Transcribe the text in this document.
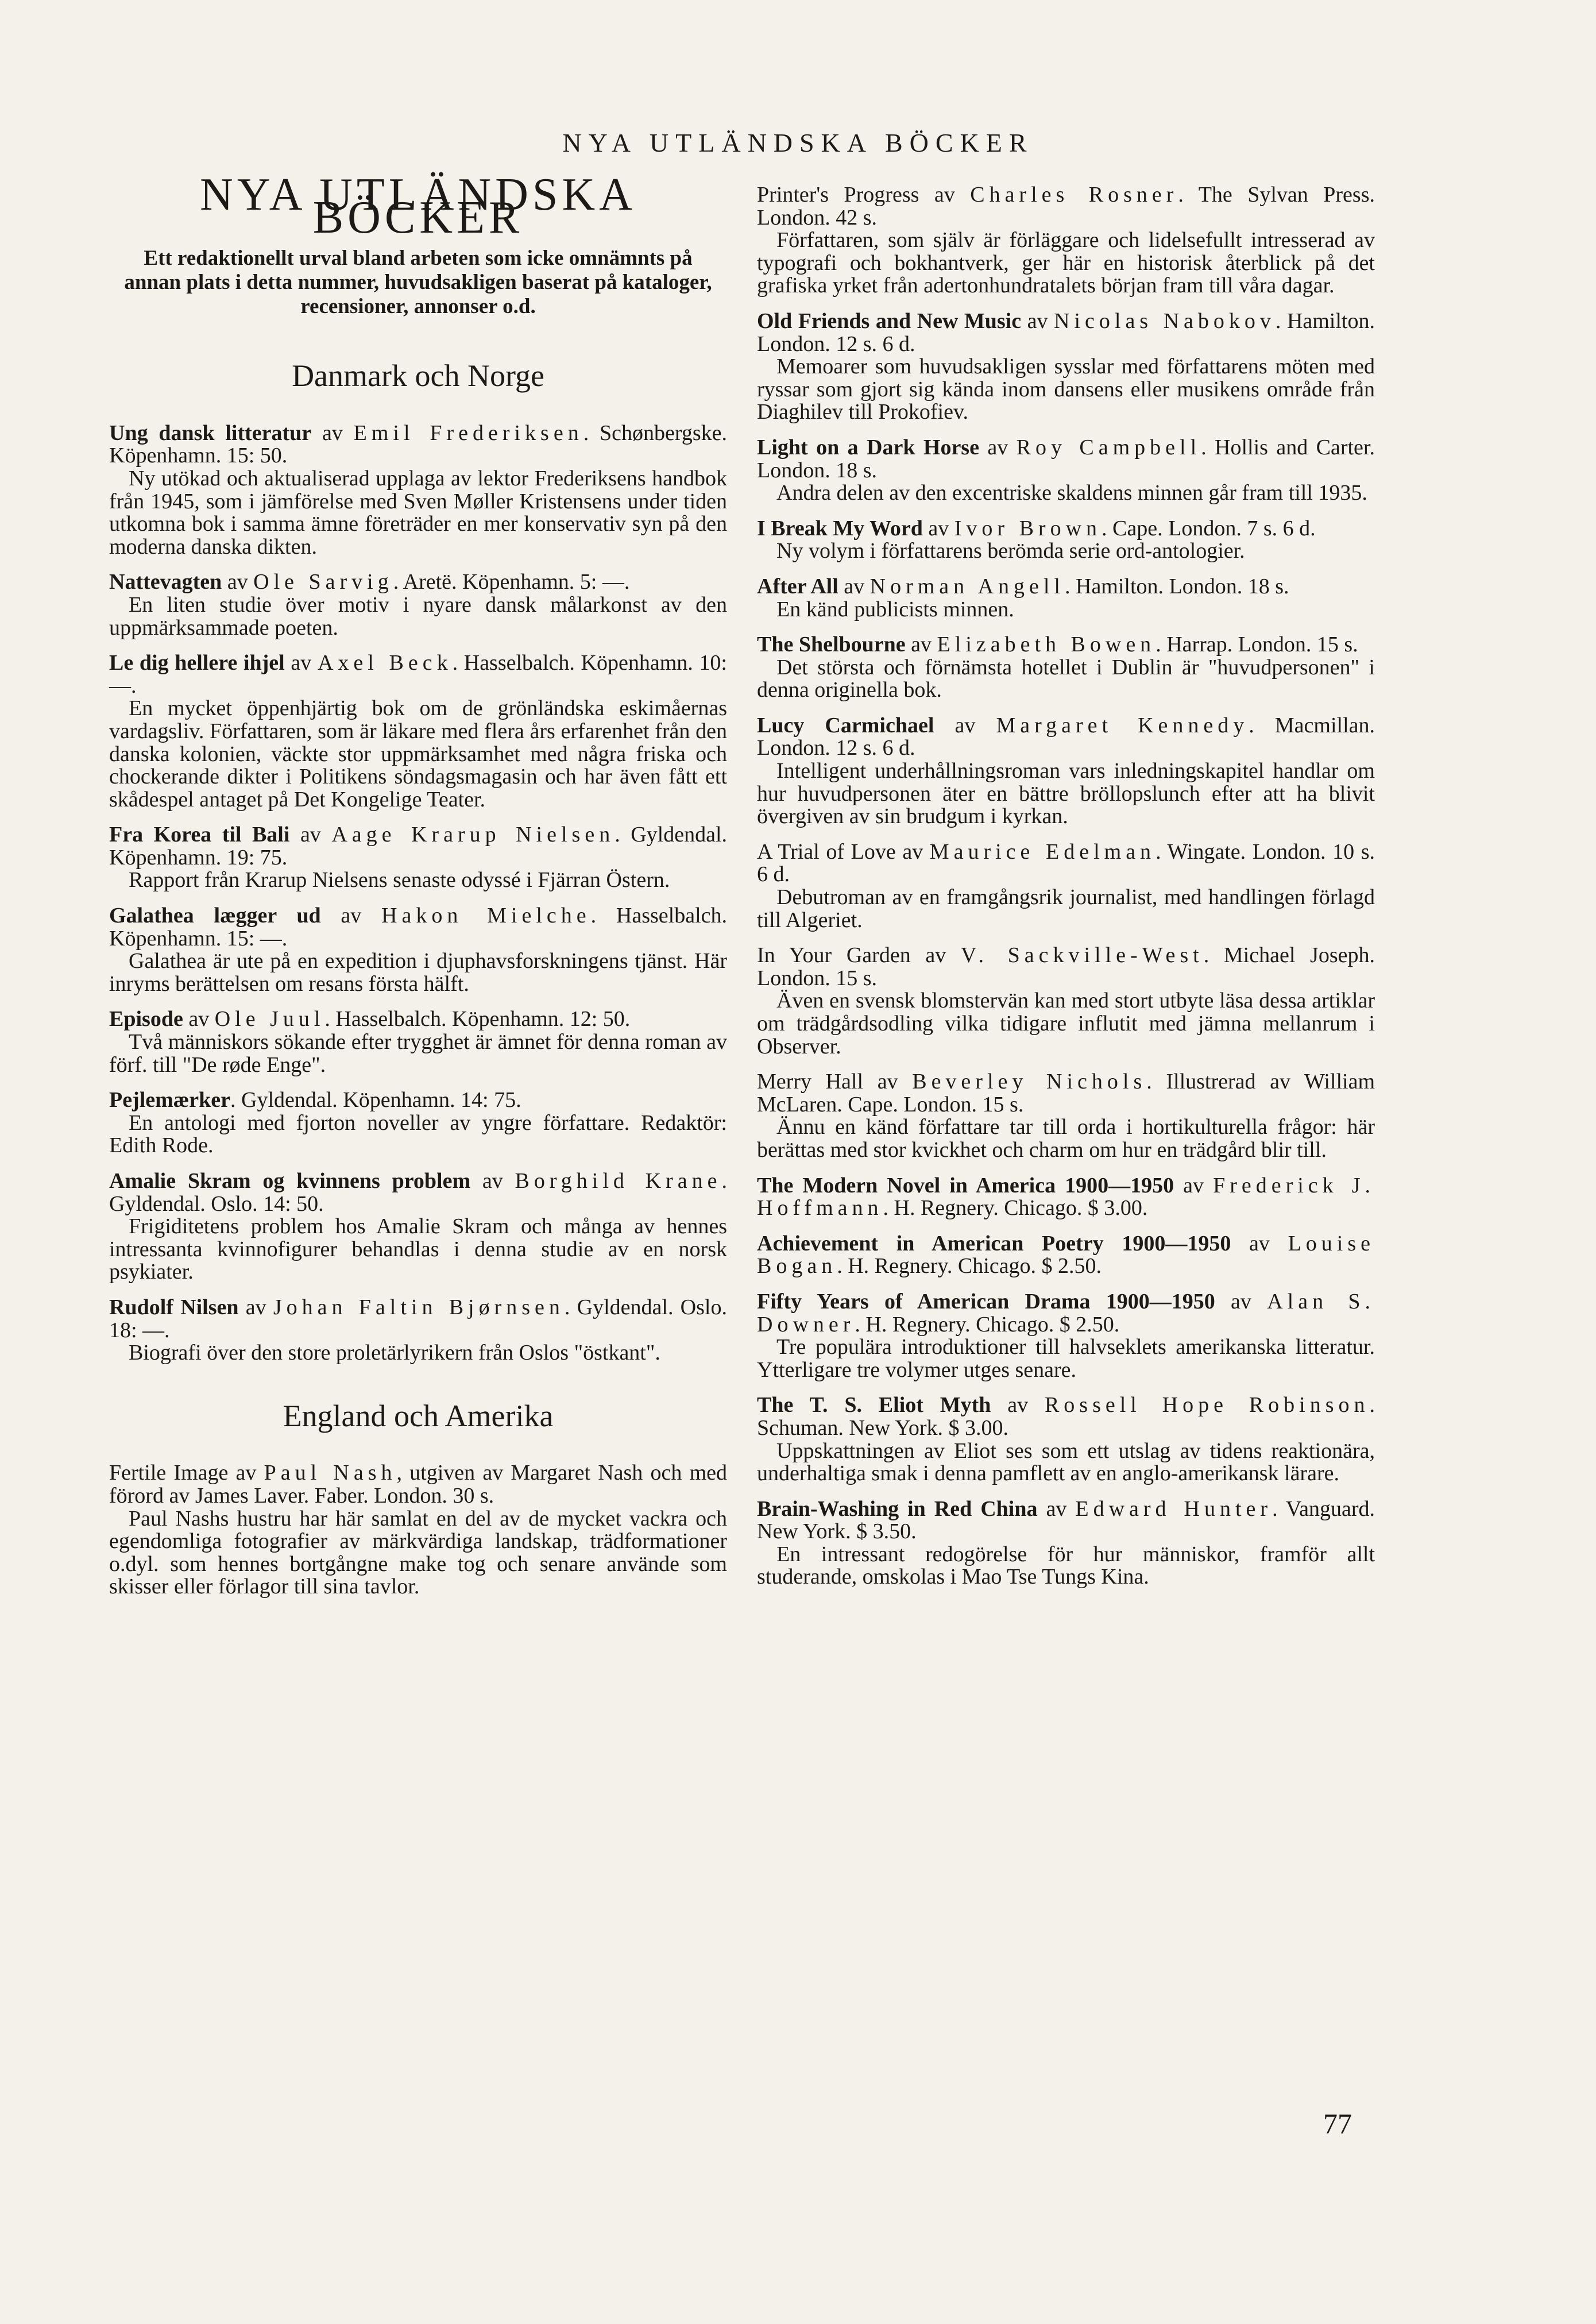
NYA UTLÄNDSKA BÖCKER
NYA UTLÄNDSKA BÖCKER

Ett redaktionellt urval bland arbeten som icke omnämnts på annan plats i detta nummer, huvudsakligen baserat på kataloger, recensioner, annonser o.d.

Danmark och Norge
Ung dansk litteratur av Emil Frederiksen. Schønbergske. Köpenhamn. 15: 50.
Ny utökad och aktualiserad upplaga av lektor Frederiksens handbok från 1945, som i jämförelse med Sven Møller Kristensens under tiden utkomna bok i samma ämne företräder en mer konservativ syn på den moderna danska dikten.
Nattevagten av Ole Sarvig. Aretë. Köpenhamn. 5: —.
En liten studie över motiv i nyare dansk målarkonst av den uppmärksammade poeten.
Le dig hellere ihjel av Axel Beck. Hasselbalch. Köpenhamn. 10: —.
En mycket öppenhjärtig bok om de grönländska eskimåernas vardagsliv. Författaren, som är läkare med flera års erfarenhet från den danska kolonien, väckte stor uppmärksamhet med några friska och chockerande dikter i Politikens söndagsmagasin och har även fått ett skådespel antaget på Det Kongelige Teater.
Fra Korea til Bali av Aage Krarup Nielsen. Gyldendal. Köpenhamn. 19: 75.
Rapport från Krarup Nielsens senaste odyssé i Fjärran Östern.
Galathea lægger ud av Hakon Mielche. Hasselbalch. Köpenhamn. 15: —.
Galathea är ute på en expedition i djuphavsforskningens tjänst. Här inryms berättelsen om resans första hälft.
Episode av Ole Juul. Hasselbalch. Köpenhamn. 12: 50.
Två människors sökande efter trygghet är ämnet för denna roman av förf. till "De røde Enge".
Pejlemærker. Gyldendal. Köpenhamn. 14: 75.
En antologi med fjorton noveller av yngre författare. Redaktör: Edith Rode.
Amalie Skram og kvinnens problem av Borghild Krane. Gyldendal. Oslo. 14: 50.
Frigiditetens problem hos Amalie Skram och många av hennes intressanta kvinnofigurer behandlas i denna studie av en norsk psykiater.
Rudolf Nilsen av Johan Faltin Bjørnsen. Gyldendal. Oslo. 18: —.
Biografi över den store proletärlyrikern från Oslos "östkant".
England och Amerika
Fertile Image av Paul Nash, utgiven av Margaret Nash och med förord av James Laver. Faber. London. 30 s.
Paul Nashs hustru har här samlat en del av de mycket vackra och egendomliga fotografier av märkvärdiga landskap, trädformationer o.dyl. som hennes bortgångne make tog och senare använde som skisser eller förlagor till sina tavlor.
Printer's Progress av Charles Rosner. The Sylvan Press. London. 42 s.
Författaren, som själv är förläggare och lidelsefullt intresserad av typografi och bokhantverk, ger här en historisk återblick på det grafiska yrket från adertonhundratalets början fram till våra dagar.
Old Friends and New Music av Nicolas Nabokov. Hamilton. London. 12 s. 6 d.
Memoarer som huvudsakligen sysslar med författarens möten med ryssar som gjort sig kända inom dansens eller musikens område från Diaghilev till Prokofiev.
Light on a Dark Horse av Roy Campbell. Hollis and Carter. London. 18 s.
Andra delen av den excentriske skaldens minnen går fram till 1935.
I Break My Word av Ivor Brown. Cape. London. 7 s. 6 d.
Ny volym i författarens berömda serie ord-antologier.
After All av Norman Angell. Hamilton. London. 18 s.
En känd publicists minnen.
The Shelbourne av Elizabeth Bowen. Harrap. London. 15 s.
Det största och förnämsta hotellet i Dublin är "huvudpersonen" i denna originella bok.
Lucy Carmichael av Margaret Kennedy. Macmillan. London. 12 s. 6 d.
Intelligent underhållningsroman vars inledningskapitel handlar om hur huvudpersonen äter en bättre bröllopslunch efter att ha blivit övergiven av sin brudgum i kyrkan.
A Trial of Love av Maurice Edelman. Wingate. London. 10 s. 6 d.
Debutroman av en framgångsrik journalist, med handlingen förlagd till Algeriet.
In Your Garden av V. Sackville-West. Michael Joseph. London. 15 s.
Även en svensk blomstervän kan med stort utbyte läsa dessa artiklar om trädgårdsodling vilka tidigare influtit med jämna mellanrum i Observer.
Merry Hall av Beverley Nichols. Illustrerad av William McLaren. Cape. London. 15 s.
Ännu en känd författare tar till orda i hortikulturella frågor: här berättas med stor kvickhet och charm om hur en trädgård blir till.
The Modern Novel in America 1900—1950 av Frederick J. Hoffmann. H. Regnery. Chicago. $ 3.00.
Achievement in American Poetry 1900—1950 av Louise Bogan. H. Regnery. Chicago. $ 2.50.
Fifty Years of American Drama 1900—1950 av Alan S. Downer. H. Regnery. Chicago. $ 2.50.
Tre populära introduktioner till halvseklets amerikanska litteratur. Ytterligare tre volymer utges senare.
The T. S. Eliot Myth av Rossell Hope Robinson. Schuman. New York. $ 3.00.
Uppskattningen av Eliot ses som ett utslag av tidens reaktionära, underhaltiga smak i denna pamflett av en anglo-amerikansk lärare.
Brain-Washing in Red China av Edward Hunter. Vanguard. New York. $ 3.50.
En intressant redogörelse för hur människor, framför allt studerande, omskolas i Mao Tse Tungs Kina.
77
